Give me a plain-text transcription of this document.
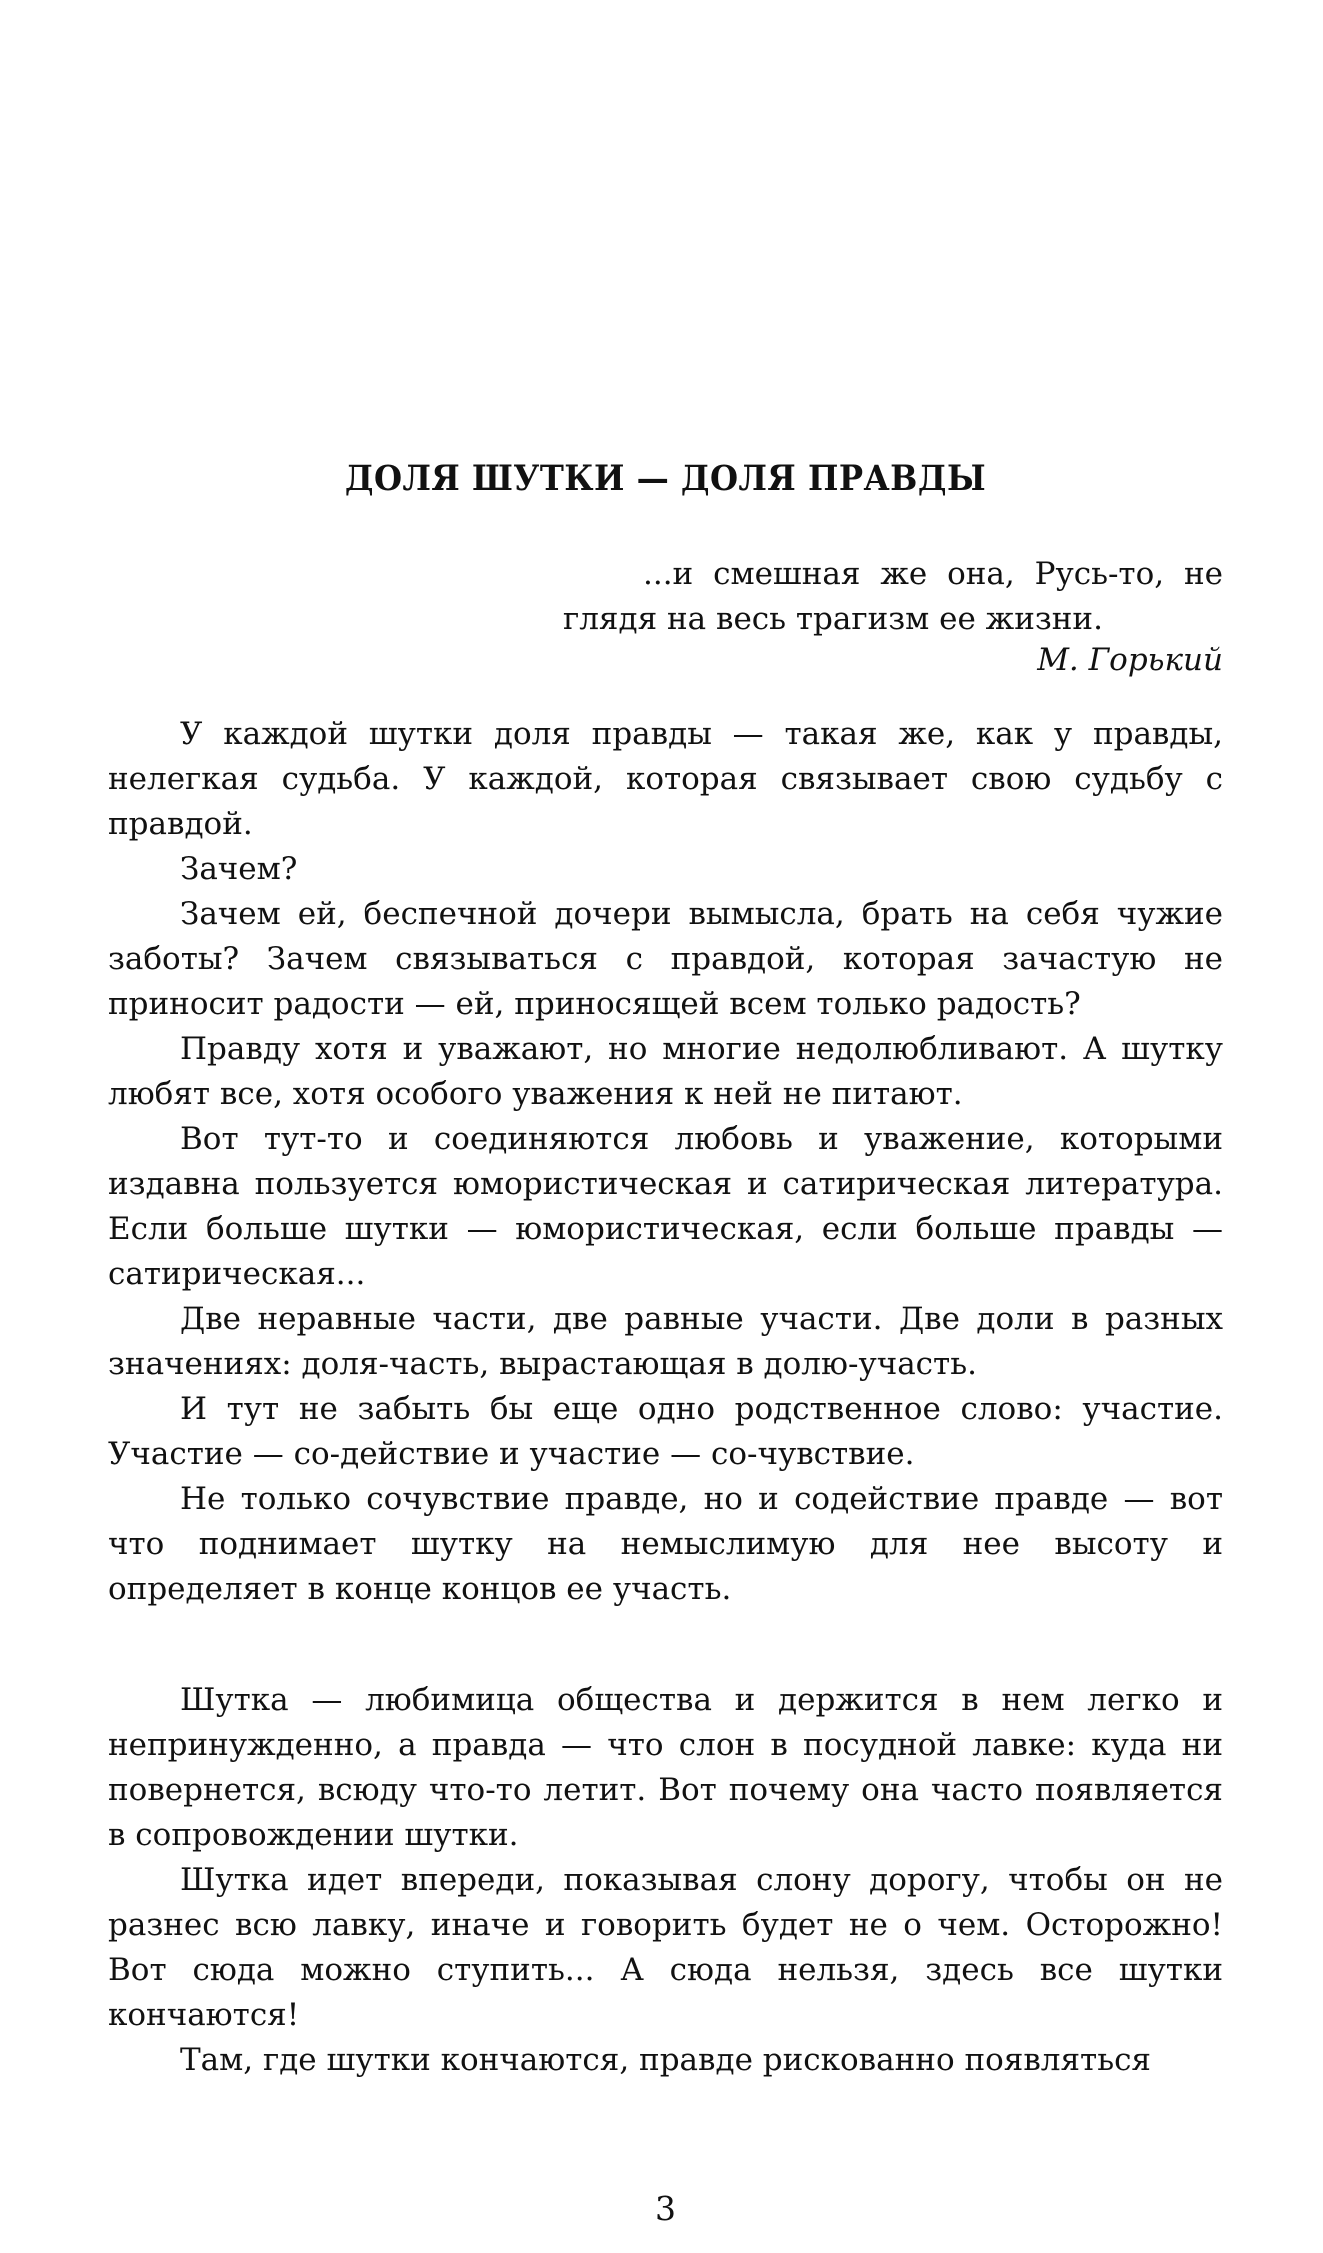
ДОЛЯ ШУТКИ — ДОЛЯ ПРАВДЫ
...и смешная же она, Русь-то, не
глядя на весь трагизм ее жизни.

М. Горький

У каждой шутки доля правды — такая же, как у правды, нелегкая судьба. У каждой, которая связывает свою судьбу с правдой.

Зачем?

Зачем ей, беспечной дочери вымысла, брать на себя чужие заботы? Зачем связываться с правдой, которая зачастую не приносит радости — ей, приносящей всем только радость?

Правду хотя и уважают, но многие недолюбливают. А шутку любят все, хотя особого уважения к ней не питают.

Вот тут-то и соединяются любовь и уважение, которыми издавна пользуется юмористическая и сатирическая литература. Если больше шутки — юмористическая, если больше правды — сатирическая...

Две неравные части, две равные участи. Две доли в разных значениях: доля-часть, вырастающая в долю-участь.

И тут не забыть бы еще одно родственное слово: участие. Участие — со-действие и участие — со-чувствие.

Не только сочувствие правде, но и содействие правде — вот что поднимает шутку на немыслимую для нее высоту и определяет в конце концов ее участь.

Шутка — любимица общества и держится в нем легко и непринужденно, а правда — что слон в посудной лавке: куда ни повернется, всюду что-то летит. Вот почему она часто появляется в сопровождении шутки.

Шутка идет впереди, показывая слону дорогу, чтобы он не разнес всю лавку, иначе и говорить будет не о чем. Осторожно! Вот сюда можно ступить... А сюда нельзя, здесь все шутки кончаются!

Там, где шутки кончаются, правде рискованно появляться

3
